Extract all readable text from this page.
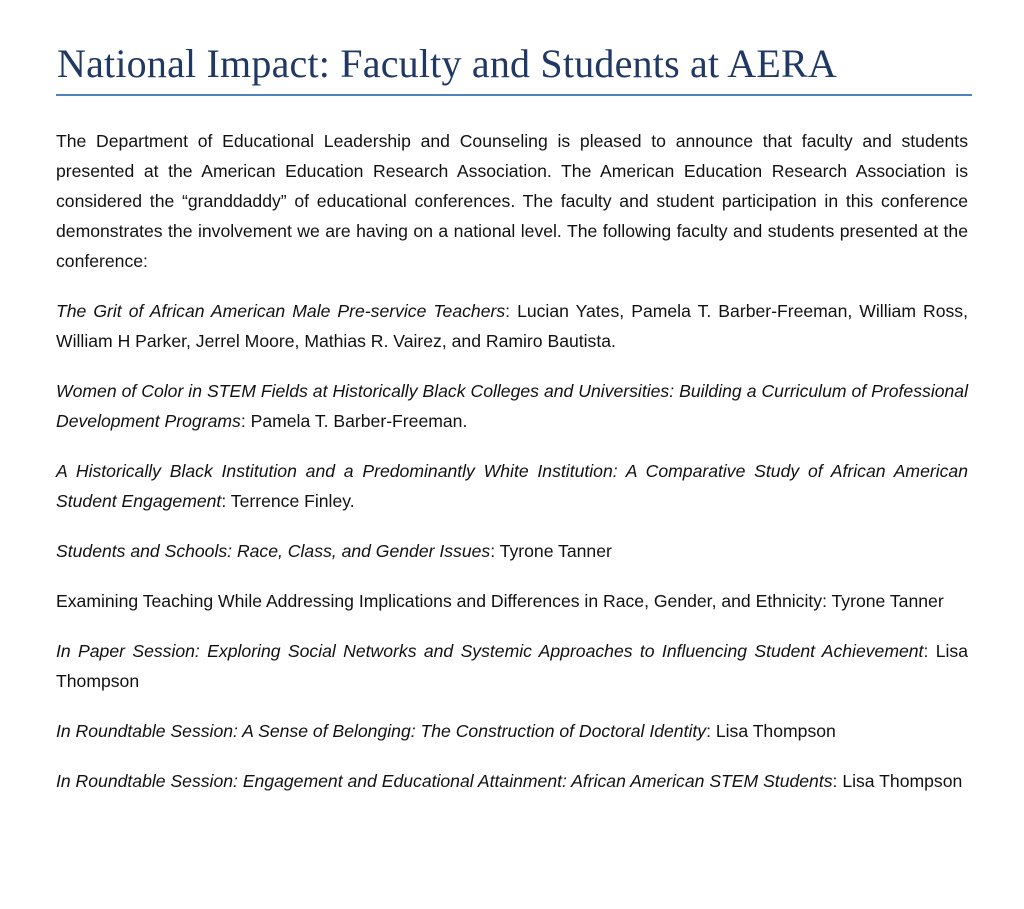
National Impact: Faculty and Students at AERA

The Department of Educational Leadership and Counseling is pleased to announce that faculty and students presented at the American Education Research Association. The American Education Research Association is considered the “granddaddy” of educational conferences. The faculty and student participation in this conference demonstrates the involvement we are having on a national level. The following faculty and students presented at the conference:

The Grit of African American Male Pre-service Teachers: Lucian Yates, Pamela T. Barber-Freeman, William Ross, William H Parker, Jerrel Moore, Mathias R. Vairez, and Ramiro Bautista.

Women of Color in STEM Fields at Historically Black Colleges and Universities: Building a Curriculum of Professional Development Programs: Pamela T. Barber-Freeman.

A Historically Black Institution and a Predominantly White Institution: A Comparative Study of African American Student Engagement: Terrence Finley.

Students and Schools: Race, Class, and Gender Issues: Tyrone Tanner

Examining Teaching While Addressing Implications and Differences in Race, Gender, and Ethnicity: Tyrone Tanner

In Paper Session: Exploring Social Networks and Systemic Approaches to Influencing Student Achievement: Lisa Thompson

In Roundtable Session: A Sense of Belonging: The Construction of Doctoral Identity: Lisa Thompson

In Roundtable Session: Engagement and Educational Attainment: African American STEM Students: Lisa Thompson
